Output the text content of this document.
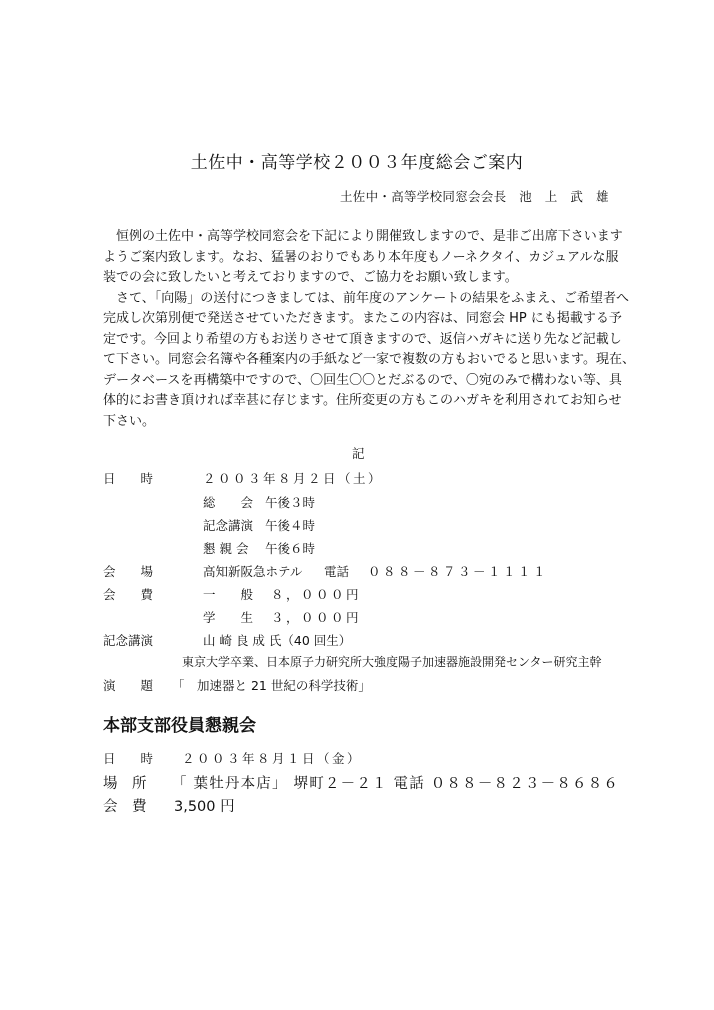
土佐中・高等学校２００３年度総会ご案内
土佐中・高等学校同窓会会長　池　上　武　雄
　恒例の土佐中・高等学校同窓会を下記により開催致しますので、是非ご出席下さいます
ようご案内致します。なお、猛暑のおりでもあり本年度もノーネクタイ、カジュアルな服
装での会に致したいと考えておりますので、ご協力をお願い致します。
　さて、「向陽」の送付につきましては、前年度のアンケートの結果をふまえ、ご希望者へ
完成し次第別便で発送させていただきます。またこの内容は、同窓会 HP にも掲載する予
定です。今回より希望の方もお送りさせて頂きますので、返信ハガキに送り先など記載し
て下さい。同窓会名簿や各種案内の手紙など一家で複数の方もおいでると思います。現在、
データベースを再構築中ですので、〇回生〇〇とだぶるので、〇宛のみで構わない等、具
体的にお書き頂ければ幸甚に存じます。住所変更の方もこのハガキを利用されてお知らせ
下さい。
記
日　　時	２００３年８月２日（土）
総　　会 午後３時
記念講演 午後４時
懇 親 会 午後６時
会　　場	高知新阪急ホテル 電話 ０８８－８７３－１１１１
会　　費	一　　般 ８，０００円
学　　生 ３，０００円
記念講演	山 崎 良 成 氏（40 回生）
東京大学卒業、日本原子力研究所大強度陽子加速器施設開発センター研究主幹
演　　題 「　加速器と 21 世紀の科学技術」
本部支部役員懇親会
日　　時 ２００３年８月１日（金）
場　所 「 葉牡丹本店」 堺町２－２１ 電話 ０８８－８２３－８６８６
会　費 3,500 円
